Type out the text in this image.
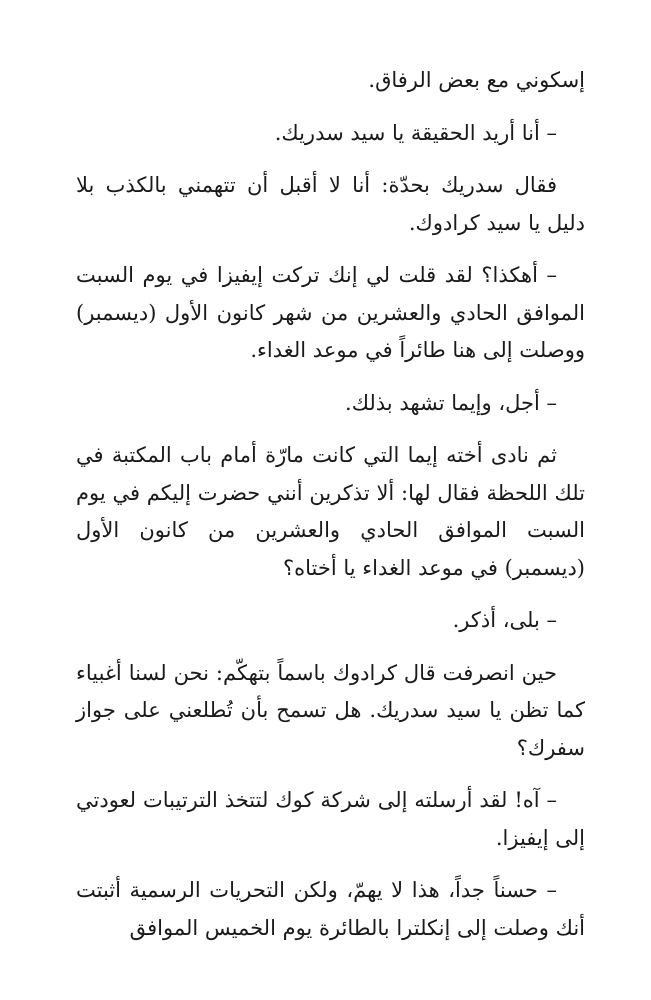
إسكوني مع بعض الرفاق.

– أنا أريد الحقيقة يا سيد سدريك.

فقال سدريك بحدّة: أنا لا أقبل أن تتهمني بالكذب بلا دليل يا سيد كرادوك.

– أهكذا؟ لقد قلت لي إنك تركت إيفيزا في يوم السبت الموافق الحادي والعشرين من شهر كانون الأول (ديسمبر) ووصلت إلى هنا طائراً في موعد الغداء.

– أجل، وإيما تشهد بذلك.

ثم نادى أخته إيما التي كانت مارّة أمام باب المكتبة في تلك اللحظة فقال لها: ألا تذكرين أنني حضرت إليكم في يوم السبت الموافق الحادي والعشرين من كانون الأول (ديسمبر) في موعد الغداء يا أختاه؟

– بلى، أذكر.

حين انصرفت قال كرادوك باسماً بتهكّم: نحن لسنا أغبياء كما تظن يا سيد سدريك. هل تسمح بأن تُطلعني على جواز سفرك؟

– آه! لقد أرسلته إلى شركة كوك لتتخذ الترتيبات لعودتي إلى إيفيزا.

– حسناً جداً، هذا لا يهمّ، ولكن التحريات الرسمية أثبتت أنك وصلت إلى إنكلترا بالطائرة يوم الخميس الموافق
